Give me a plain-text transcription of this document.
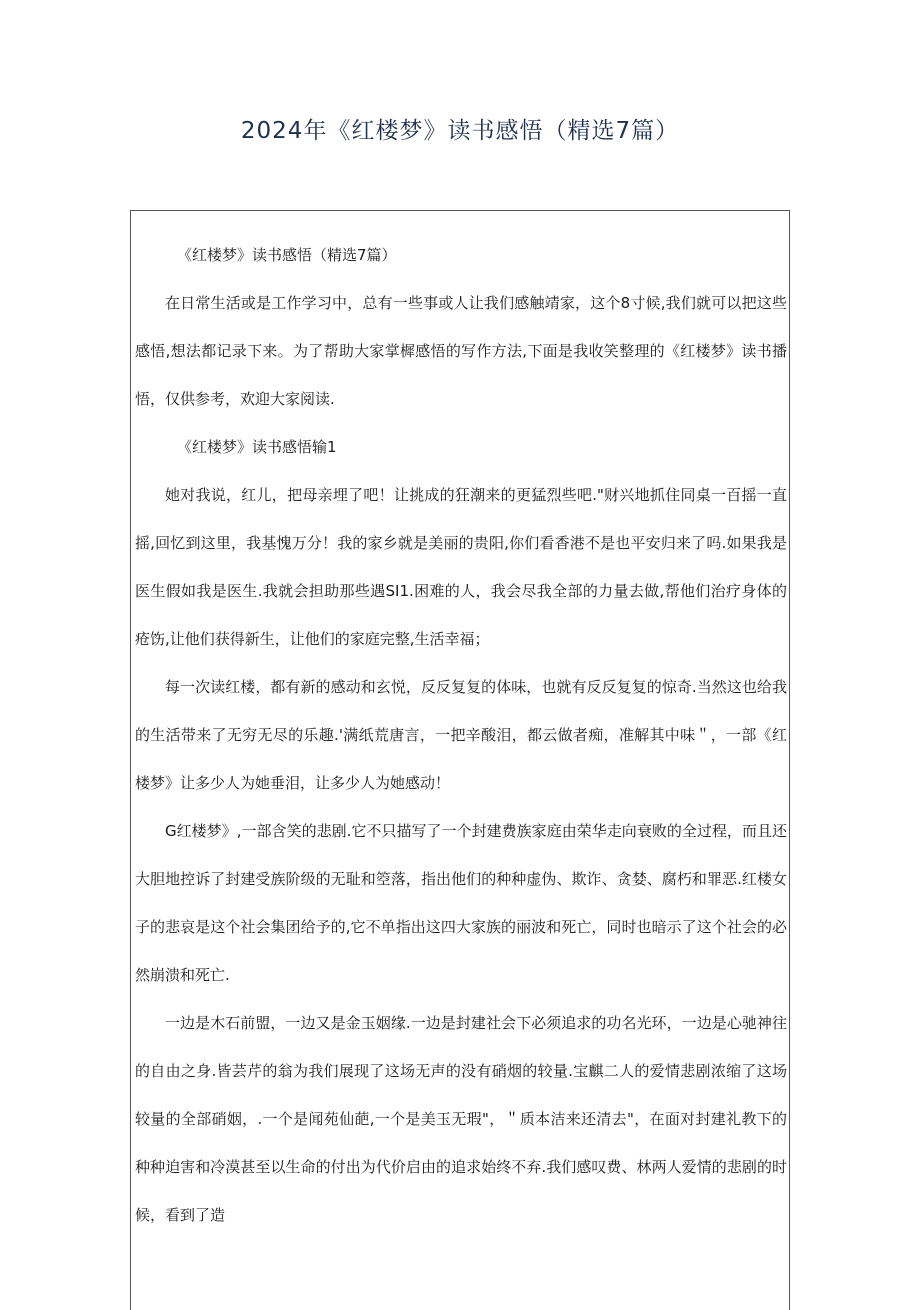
2024年《红楼梦》读书感悟（精选7篇）

《红楼梦》读书感悟（精选7篇）

在日常生活或是工作学习中，总有一些事或人让我们感触靖家，这个8寸候,我们就可以把这些感悟,想法都记录下来。为了帮助大家掌樨感悟的写作方法,下面是我收笑整理的《红楼梦》读书播悟，仅供参考，欢迎大家阅读.

《红楼梦》读书感悟输1

她对我说，红儿，把母亲埋了吧！让挑成的狂潮来的更猛烈些吧."财兴地抓住同桌一百摇一直摇,回忆到这里，我基愧万分！我的家乡就是美丽的贵阳,你们看香港不是也平安归来了吗.如果我是医生假如我是医生.我就会担助那些遇SI1.困难的人，我会尽我全部的力量去做,帮他们治疗身体的疮饬,让他们获得新生，让他们的家庭完整,生活幸福；

每一次读红楼，都有新的感动和玄悦，反反复复的体味，也就有反反复复的惊奇.当然这也给我的生活带来了无穷无尽的乐趣.'满纸荒唐言，一把辛酸泪，都云做者痴，准解其中味＂，一部《红楼梦》让多少人为她垂泪，让多少人为她感动！

G红楼梦》,一部含笑的悲剧.它不只描写了一个封建费族家庭由荣华走向衰败的全过程，而且还大胆地控诉了封建受族阶级的无耻和箜落，指出他们的种种虚伪、欺诈、贪婪、腐朽和罪恶.红楼女子的悲哀是这个社会集团给予的,它不单指出这四大家族的丽波和死亡，同时也暗示了这个社会的必然崩溃和死亡.

一边是木石前盟，一边又是金玉姻缘.一边是封建社会下必须追求的功名光环，一边是心驰神往的自由之身.皆芸芹的翁为我们展现了这场无声的没有硝烟的较量.宝麒二人的爱情悲剧浓缩了这场较量的全部硝姻，.一个是闻苑仙葩,一个是美玉无瑕"，＂质本洁来还清去"，在面对封建礼教下的种种迫害和冷漠甚至以生命的付出为代价启由的追求始终不弃.我们感叹费、林两人爱情的悲剧的时候，看到了造
